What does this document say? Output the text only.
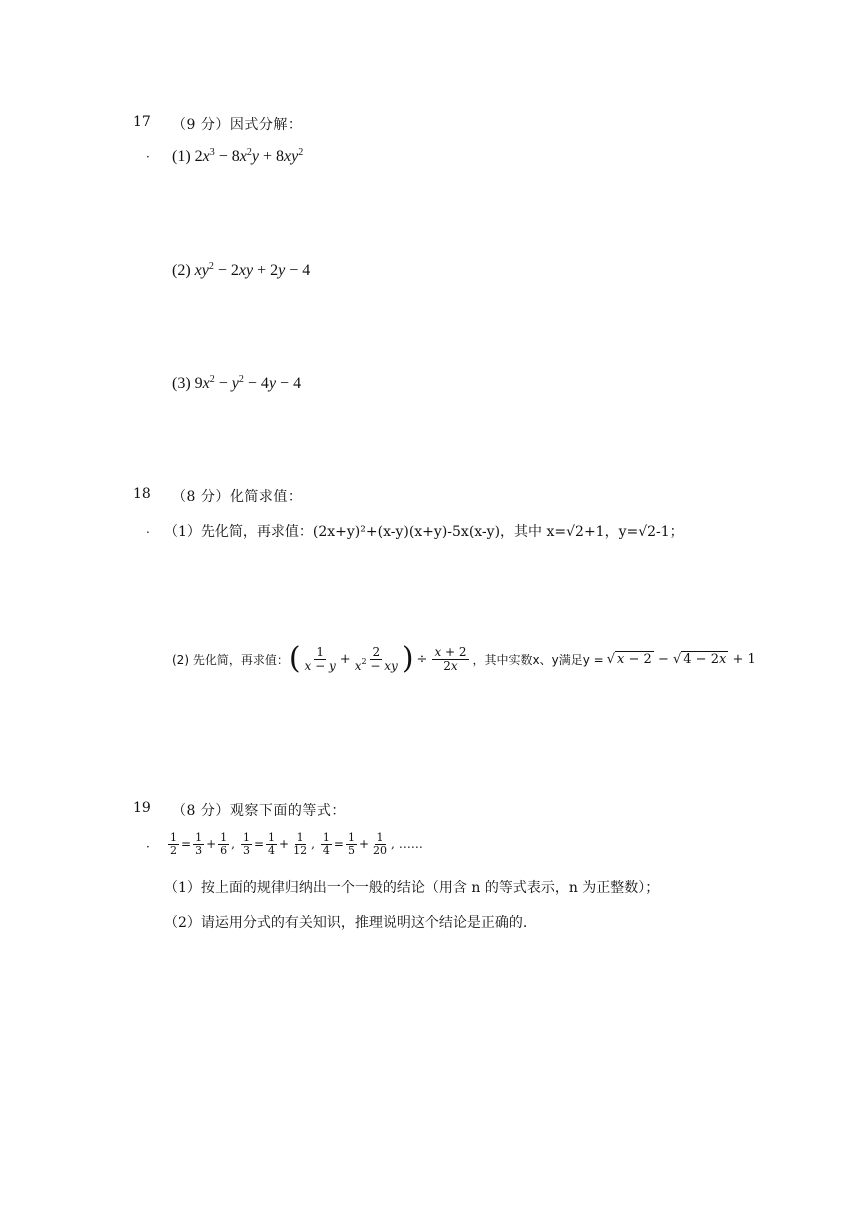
17 （9 分）因式分解：
· (1) $2x^3 - 8x^2y + 8xy^2$
(2) $xy^2 - 2xy + 2y - 4$
(3) $9x^2 - y^2 - 4y - 4$
18 （8 分）化简求值：
. （1）先化简，再求值：(2x+y)²+(x-y)(x+y)-5x(x-y)，其中 x=√2+1，y=√2-1；
(2) 先化简，再求值： ( $\frac{1}{x - y} + \frac{2}{x^2 - xy}$ ) ÷ $\frac{x + 2}{2x}$ ，其中实数x、y满足y = √ x − 2 − √ 4 − 2x + 1
19 （8 分）观察下面的等式：
· $\frac{1}{2} = \frac{1}{3} + \frac{1}{6}$ , $\frac{1}{3} = \frac{1}{4} + \frac{1}{12}$ , $\frac{1}{4} = \frac{1}{5} + \frac{1}{20}$ , ……
（1）按上面的规律归纳出一个一般的结论（用含 n 的等式表示，n 为正整数）；
（2）请运用分式的有关知识，推理说明这个结论是正确的.
